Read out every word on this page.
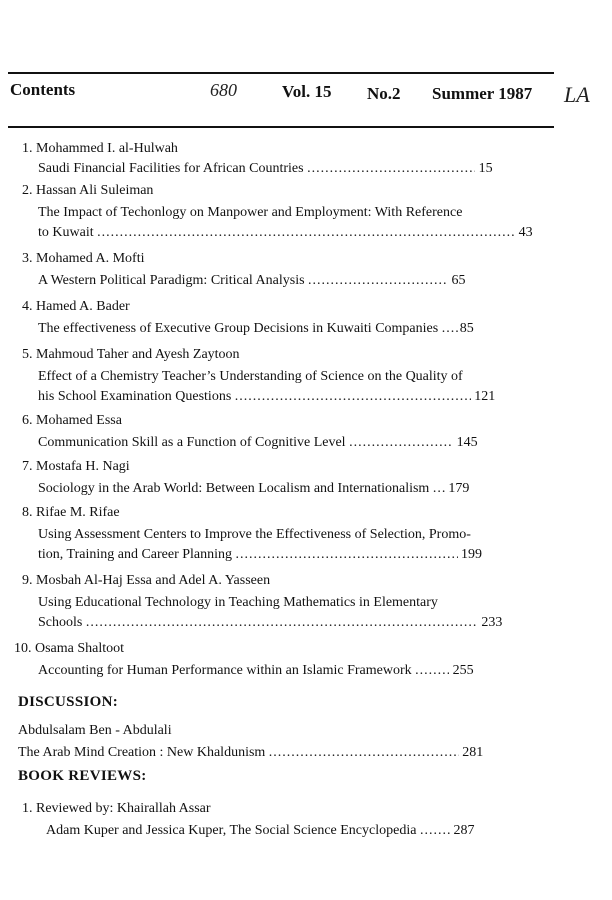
Contents	680	Vol. 15 No.2 Summer 1987 LA
1. Mohammed I. al-Hulwah
Saudi Financial Facilities for African Countries .....	15
2. Hassan Ali Suleiman
The Impact of Techonlogy on Manpower and Employment: With Reference
to Kuwait .....	43
3. Mohamed A. Mofti
A Western Political Paradigm: Critical Analysis .....	65
4. Hamed A. Bader
The effectiveness of Executive Group Decisions in Kuwaiti Companies ..... 85
5. Mahmoud Taher and Ayesh Zaytoon
Effect of a Chemistry Teacher’s Understanding of Science on the Quality of
his School Examination Questions .....	121
6. Mohamed Essa
Communication Skill as a Function of Cognitive Level .....	145
7. Mostafa H. Nagi
Sociology in the Arab World: Between Localism and Internationalism ..... 179
8. Rifae M. Rifae
Using Assessment Centers to Improve the Effectiveness of Selection, Promo-
tion, Training and Career Planning .....	199
9. Mosbah Al-Haj Essa and Adel A. Yasseen
Using Educational Technology in Teaching Mathematics in Elementary
Schools .....	233
10. Osama Shaltoot
Accounting for Human Performance within an Islamic Framework .....	255
DISCUSSION:
Abdulsalam Ben - Abdulali
The Arab Mind Creation : New Khaldunism .....	281
BOOK REVIEWS:
1. Reviewed by: Khairallah Assar
Adam Kuper and Jessica Kuper, The Social Science Encyclopedia .....	287
